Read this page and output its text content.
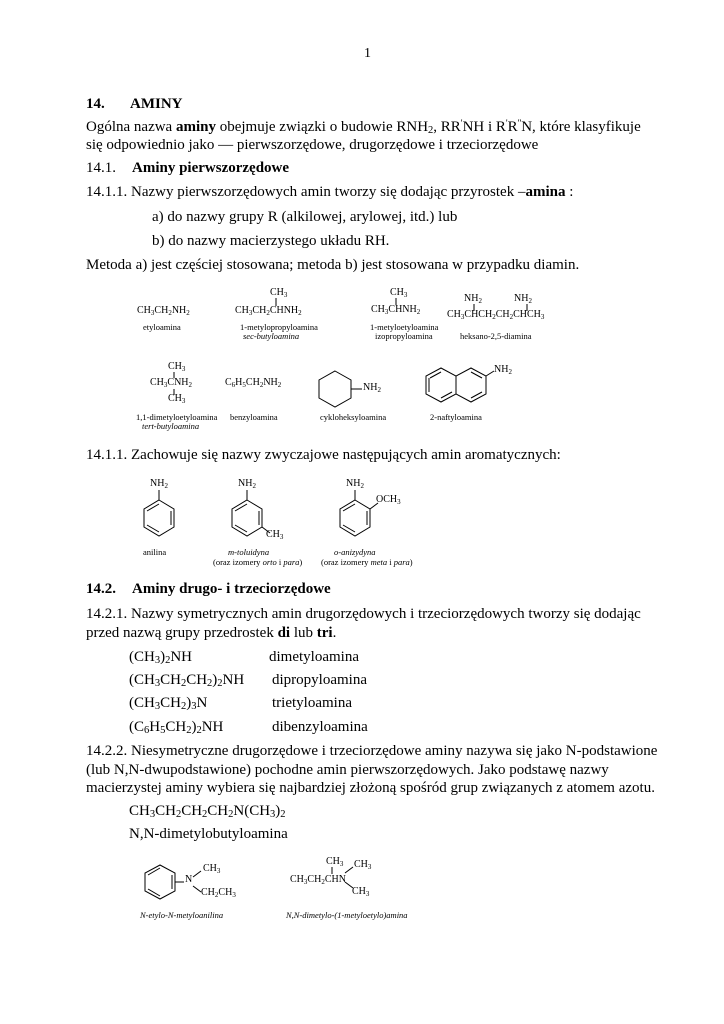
1
14. AMINY
Ogólna nazwa aminy obejmuje związki o budowie $RNH_2$, RR'NH i R'R''N, które klasyfikuje
się odpowiednio jako — pierwszorzędowe, drugorzędowe i trzeciorzędowe
14.1. Aminy pierwszorzędowe
14.1.1. Nazwy pierwszorzędowych amin tworzy się dodając przyrostek –amina :
a) do nazwy grupy R (alkilowej, arylowej, itd.) lub
b) do nazwy macierzystego układu RH.
Metoda a) jest częściej stosowana; metoda b) jest stosowana w przypadku diamin.
$CH_3CH_2NH_2$
etyloamina
$CH_3$
$CH_3CH_2CHNH_2$
1-metylopropyloamina
sec-butyloamina
$CH_3$
$CH_3CHNH_2$
1-metyloetyloamina
izopropyloamina
$NH_2$	$NH_2$
$CH_3CHCH_2CH_2CHCH_3$
heksano-2,5-diamina
$CH_3$
$CH_3CNH_2$
$CH_3$
1,1-dimetyloetyloamina
tert-butyloamina
$C_6H_5CH_2NH_2$
benzyloamina
$NH_2$
cykloheksyloamina
$NH_2$
2-naftyloamina
14.1.1. Zachowuje się nazwy zwyczajowe następujących amin aromatycznych:
$NH_2$
anilina
$NH_2$
$CH_3$
m-toluidyna
(oraz izomery orto i para)
$NH_2$
$OCH_3$
o-anizydyna
(oraz izomery meta i para)
14.2. Aminy drugo- i trzeciorzędowe
14.2.1. Nazwy symetrycznych amin drugorzędowych i trzeciorzędowych tworzy się dodając
przed nazwą grupy przedrostek di lub tri.
$(CH_3)_2NH$	dimetyloamina
$(CH_3CH_2CH_2)_2NH$ dipropyloamina
$(CH_3CH_2)_3N$	trietyloamina
$(C_6H_5CH_2)_2NH$	dibenzyloamina
14.2.2. Niesymetryczne drugorzędowe i trzeciorzędowe aminy nazywa się jako N-podstawione
(lub N,N-dwupodstawione) pochodne amin pierwszorzędowych. Jako podstawę nazwy
macierzystej aminy wybiera się najbardziej złożoną spośród grup związanych z atomem azotu.
$CH_3CH_2CH_2CH_2N(CH_3)_2$
N,N-dimetylobutyloamina
N
$CH_3$
$CH_2CH_3$
N-etylo-N-metyloanilina
$CH_3$ $CH_3$
$CH_3CH_2CHN$
$CH_3$
N,N-dimetylo-(1-metyloetylo)amina
